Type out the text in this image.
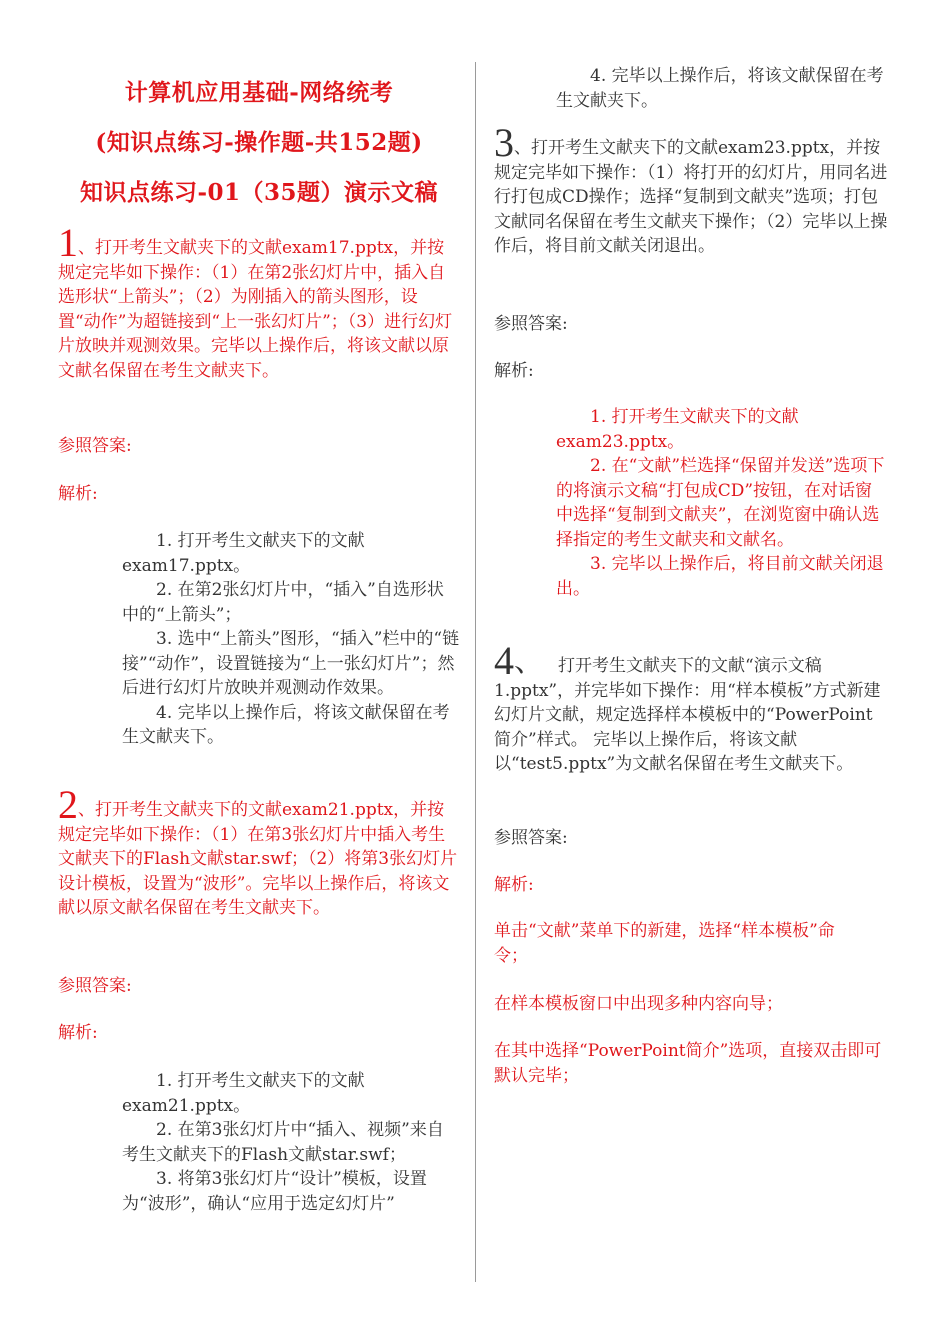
计算机应用基础-网络统考
(知识点练习-操作题-共152题)
知识点练习-01（35题）演示文稿
1、打开考生文献夹下的文献exam17.pptx，并按规定完毕如下操作：（1）在第2张幻灯片中，插入自选形状“上箭头”；（2）为刚插入的箭头图形，设置“动作”为超链接到“上一张幻灯片”；（3）进行幻灯片放映并观测效果。完毕以上操作后，将该文献以原文献名保留在考生文献夹下。
参照答案:
解析:

1. 打开考生文献夹下的文献exam17.pptx。

2. 在第2张幻灯片中，“插入”自选形状中的“上箭头”；

3. 选中“上箭头”图形，“插入”栏中的“链接”“动作”，设置链接为“上一张幻灯片”；然后进行幻灯片放映并观测动作效果。

4. 完毕以上操作后，将该文献保留在考生文献夹下。

2、打开考生文献夹下的文献exam21.pptx，并按规定完毕如下操作：（1）在第3张幻灯片中插入考生文献夹下的Flash文献star.swf；（2）将第3张幻灯片设计模板，设置为“波形”。完毕以上操作后，将该文献以原文献名保留在考生文献夹下。
参照答案:
解析:

1. 打开考生文献夹下的文献exam21.pptx。

2. 在第3张幻灯片中“插入、视频”来自考生文献夹下的Flash文献star.swf；

3. 将第3张幻灯片“设计”模板，设置为“波形”，确认“应用于选定幻灯片”

4. 完毕以上操作后，将该文献保留在考生文献夹下。

3、打开考生文献夹下的文献exam23.pptx，并按规定完毕如下操作：（1）将打开的幻灯片，用同名进行打包成CD操作；选择“复制到文献夹”选项；打包文献同名保留在考生文献夹下操作；（2）完毕以上操作后，将目前文献关闭退出。
参照答案:
解析:

1. 打开考生文献夹下的文献exam23.pptx。

2. 在“文献”栏选择“保留并发送”选项下的将演示文稿“打包成CD”按钮，在对话窗中选择“复制到文献夹”，在浏览窗中确认选择指定的考生文献夹和文献名。

3. 完毕以上操作后，将目前文献关闭退出。

4、 打开考生文献夹下的文献“演示文稿1.pptx”，并完毕如下操作：用“样本模板”方式新建幻灯片文献，规定选择样本模板中的“PowerPoint简介”样式。 完毕以上操作后，将该文献以“test5.pptx”为文献名保留在考生文献夹下。
参照答案:
解析:
单击“文献”菜单下的新建，选择“样本模板”命令；
在样本模板窗口中出现多种内容向导；
在其中选择“PowerPoint简介”选项，直接双击即可默认完毕；
